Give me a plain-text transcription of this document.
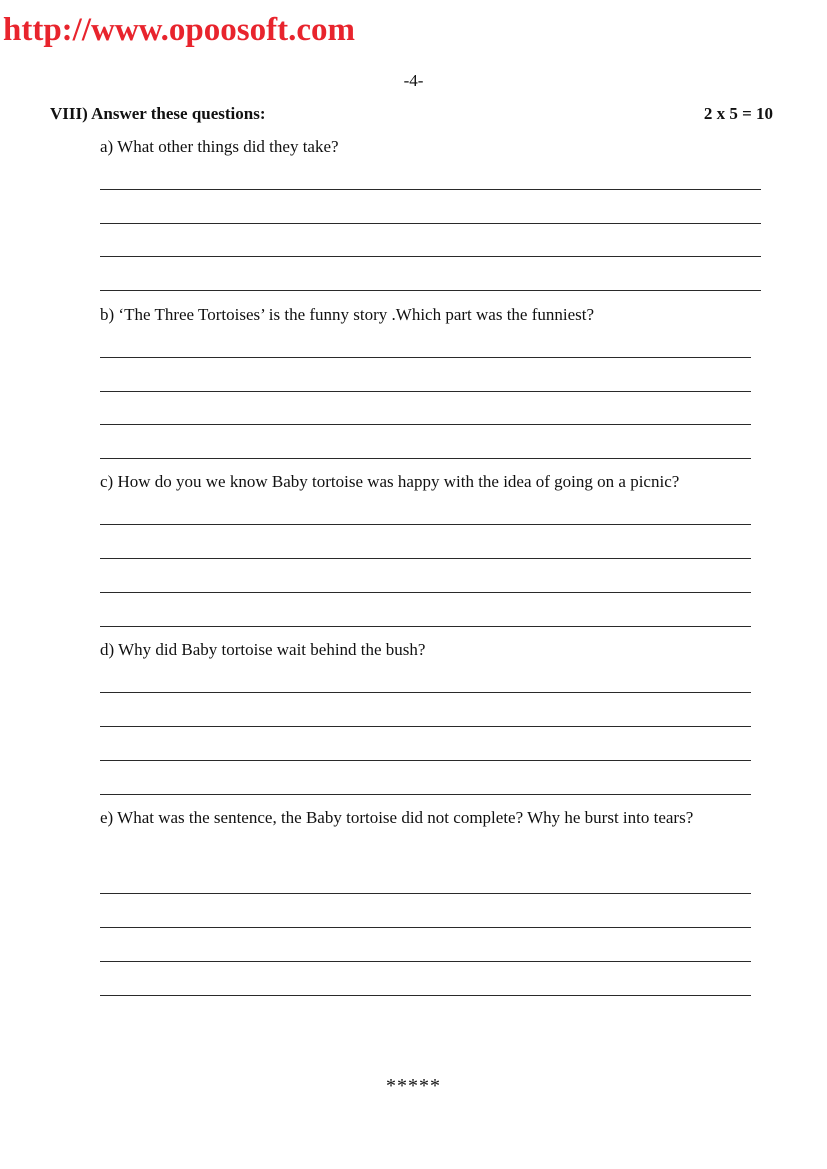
http://www.opoosoft.com
-4-
VIII) Answer these questions:	2 x 5 = 10
a) What other things did they take?
b) ‘The Three Tortoises’ is the funny story .Which part was the funniest?
c) How do you we know Baby tortoise was happy with the idea of going on a picnic?
d) Why did Baby tortoise wait behind the bush?
e) What was the sentence, the Baby tortoise did not complete? Why he burst into tears?
*****
